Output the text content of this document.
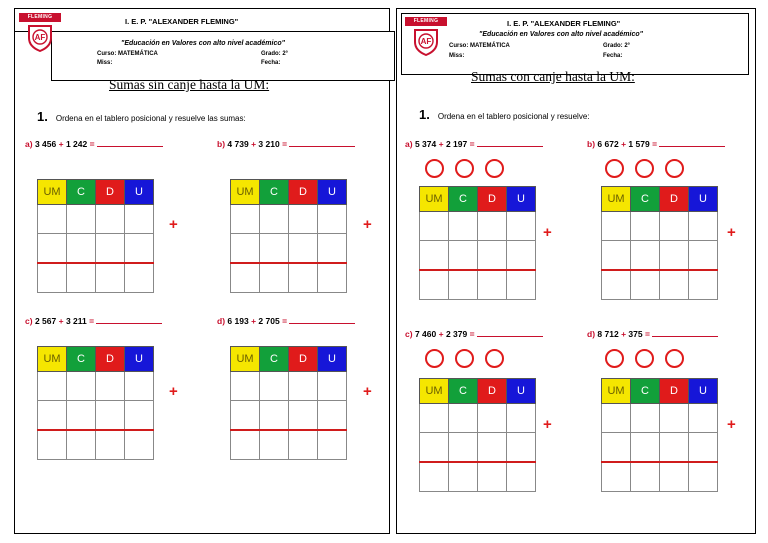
FLEMING
AF
I. E. P. "ALEXANDER FLEMING"
"Educación en Valores con alto nivel académico"
Curso: MATEMÁTICA	Grado: 2°
Miss:	Fecha:
Sumas sin canje hasta la UM:
1. Ordena en el tablero posicional y resuelve las sumas:
a) 3 456 + 1 242 =
UM	C	D	U

+
b) 4 739 + 3 210 =
UM	C	D	U

+
c) 2 567 + 3 211 =
UM	C	D	U

+
d) 6 193 + 2 705 =
UM	C	D	U

+
FLEMING
AF
I. E. P. "ALEXANDER FLEMING"
"Educación en Valores con alto nivel académico"
Curso: MATEMÁTICA	Grado: 2°
Miss:	Fecha:
Sumas con canje hasta la UM:
1. Ordena en el tablero posicional y resuelve:
a) 5 374 + 2 197 =
UM	C	D	U

+
b) 6 672 + 1 579 =
UM	C	D	U

+
c) 7 460 + 2 379 =
UM	C	D	U

+
d) 8 712 + 375 =
UM	C	D	U

+
